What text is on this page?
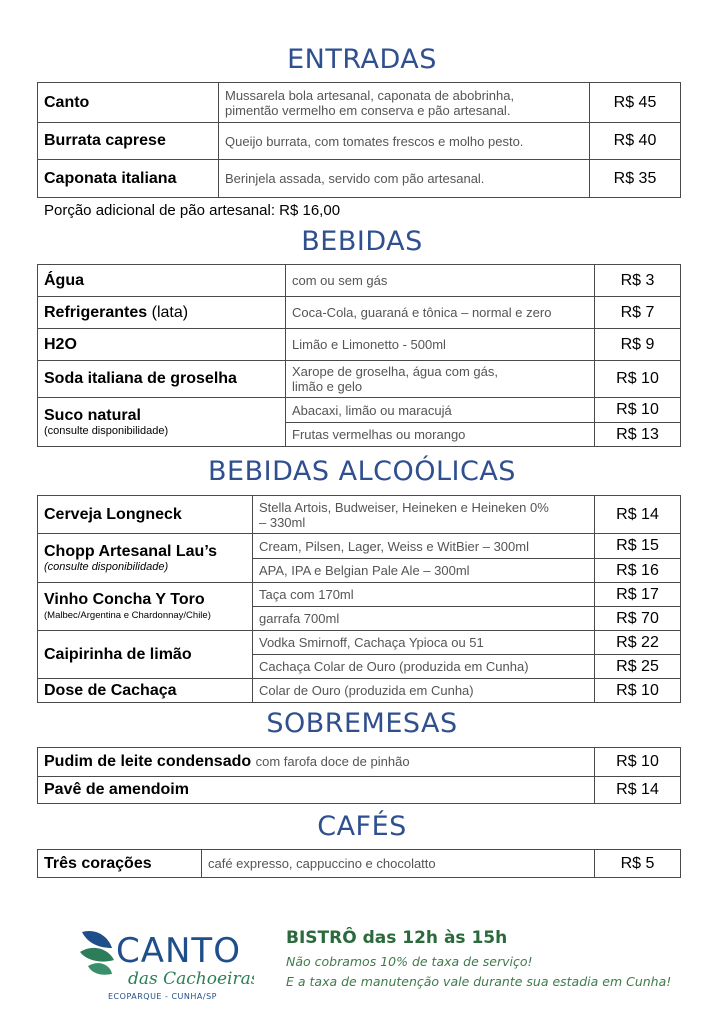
ENTRADAS
Canto	Mussarela bola artesanal, caponata de abobrinha,
pimentão vermelho em conserva e pão artesanal.	R$ 45
Burrata caprese	Queijo burrata, com tomates frescos e molho pesto.	R$ 40
Caponata italiana	Berinjela assada, servido com pão artesanal.	R$ 35
Porção adicional de pão artesanal: R$ 16,00
BEBIDAS
Água	com ou sem gás	R$ 3
Refrigerantes (lata)	Coca-Cola, guaraná e tônica – normal e zero	R$ 7
H2O	Limão e Limonetto - 500ml	R$ 9
Soda italiana de groselha	Xarope de groselha, água com gás,
limão e gelo	R$ 10
Suco natural
(consulte disponibilidade)	Abacaxi, limão ou maracujá	R$ 10
	Frutas vermelhas ou morango	R$ 13
BEBIDAS ALCOÓLICAS
Cerveja Longneck	Stella Artois, Budweiser, Heineken e Heineken 0%
– 330ml	R$ 14
Chopp Artesanal Lau’s
(consulte disponibilidade)	Cream, Pilsen, Lager, Weiss e WitBier – 300ml	R$ 15
	APA, IPA e Belgian Pale Ale – 300ml	R$ 16
Vinho Concha Y Toro
(Malbec/Argentina e Chardonnay/Chile)	Taça com 170ml	R$ 17
	garrafa 700ml	R$ 70
Caipirinha de limão	Vodka Smirnoff, Cachaça Ypioca ou 51	R$ 22
	Cachaça Colar de Ouro (produzida em Cunha)	R$ 25
Dose de Cachaça	Colar de Ouro (produzida em Cunha)	R$ 10
SOBREMESAS
Pudim de leite condensado com farofa doce de pinhão	R$ 10
Pavê de amendoim	R$ 14
CAFÉS
Três corações	café expresso, cappuccino e chocolatto	R$ 5
CANTO
das Cachoeiras
ECOPARQUE - CUNHA/SP
BISTRÔ das 12h às 15h
Não cobramos 10% de taxa de serviço!
E a taxa de manutenção vale durante sua estadia em Cunha!
